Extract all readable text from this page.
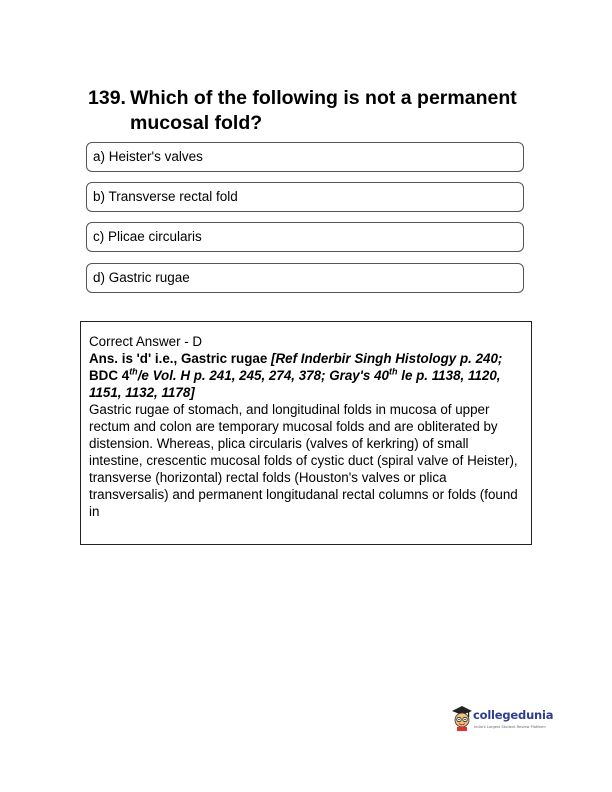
139. Which of the following is not a permanent mucosal fold?
a) Heister's valves
b) Transverse rectal fold
c) Plicae circularis
d) Gastric rugae
Correct Answer - D
Ans. is 'd' i.e., Gastric rugae [Ref Inderbir Singh Histology p. 240; BDC 4th/e Vol. H p. 241, 245, 274, 378; Gray's 40th le p. 1138, 1120, 1151, 1132, 1178]
Gastric rugae of stomach, and longitudinal folds in mucosa of upper rectum and colon are temporary mucosal folds and are obliterated by distension. Whereas, plica circularis (valves of kerkring) of small intestine, crescentic mucosal folds of cystic duct (spiral valve of Heister), transverse (horizontal) rectal folds (Houston's valves or plica transversalis) and permanent longitudanal rectal columns or folds (found in
collegedunia
India's Largest Student Review Platform
